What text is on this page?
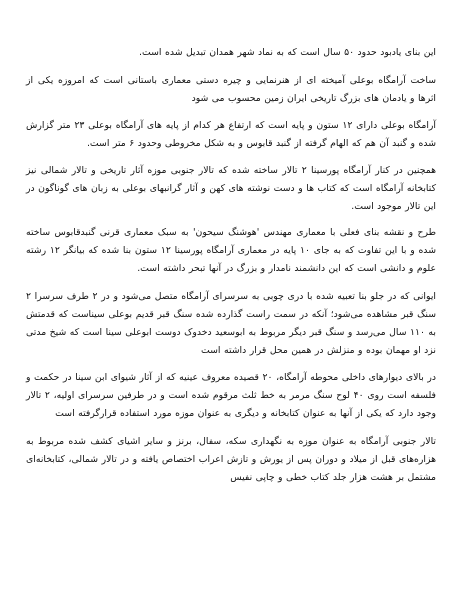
این بنای یادبود حدود ۵۰ سال است که به نماد شهر همدان تبدیل شده است.

ساخت آرامگاه بوعلی آمیخته ای از هنرنمایی و چیره دستی معماری باستانی است که امروزه یکی از اثرها و یادمان های بزرگ تاریخی ایران زمین محسوب می شود

آرامگاه بوعلی دارای ۱۲ ستون و پایه است که ارتفاع هر کدام از پایه های آرامگاه بوعلی ۲۳ متر گزارش شده و گنبد آن هم که الهام گرفته از گنبد قابوس و به شکل مخروطی وحدود ۶ متر است.

همچنین در کنار آرامگاه پورسینا ۲ تالار ساخته شده که تالار جنوبی موزه آثار تاریخی و تالار شمالی نیز کتابخانه آرامگاه است که کتاب ها و دست نوشته های کهن و آثار گرانبهای بوعلی به زبان های گوناگون در این تالار موجود است.

طرح و نقشه بنای فعلی با معماری مهندس 'هوشنگ سیحون' به سبک معماری قرنی گنبدقابوس ساخته شده و با این تفاوت که به جای ۱۰ پایه در معماری آرامگاه پورسینا ۱۲ ستون بنا شده که بیانگر ۱۲ رشته علوم و دانشی است که این دانشمند نامدار و بزرگ در آنها تبحر داشته است.

ایوانی که در جلو بنا تعبیه شده با دری چوبی به سرسرای آرامگاه متصل می‌شود و در ۲ طرف سرسرا ۲ سنگ قبر مشاهده می‌شود؛ آنکه در سمت راست گذارده شده سنگ قبر قدیم بوعلی سیناست که قدمتش به ۱۱۰ سال می‌رسد و سنگ قبر دیگر مربوط به ابوسعید دخدوک دوست ابوعلی سینا است که شیخ مدتی نزد او مهمان بوده و منزلش در همین محل قرار داشته است

در بالای دیوارهای داخلی محوطه آرامگاه، ۲۰ قصیده معروف عینیه که از آثار شیوای ابن سینا در حکمت و فلسفه است روی ۴۰ لوح سنگ مرمر به خط ثلث مرقوم شده است و در طرفین سرسرای اولیه، ۲ تالار وجود دارد که یکی از آنها به عنوان کتابخانه و دیگری به عنوان موزه مورد استفاده قرارگرفته است

تالار جنوبی آرامگاه به عنوان موزه به نگهداری سکه، سفال، برنز و سایر اشیای کشف شده مربوط به هزاره‌های قبل از میلاد و دوران پس از یورش و تازش اعراب اختصاص یافته و در تالار شمالی، کتابخانه‌ای مشتمل بر هشت هزار جلد کتاب خطی و چاپی نفیس
